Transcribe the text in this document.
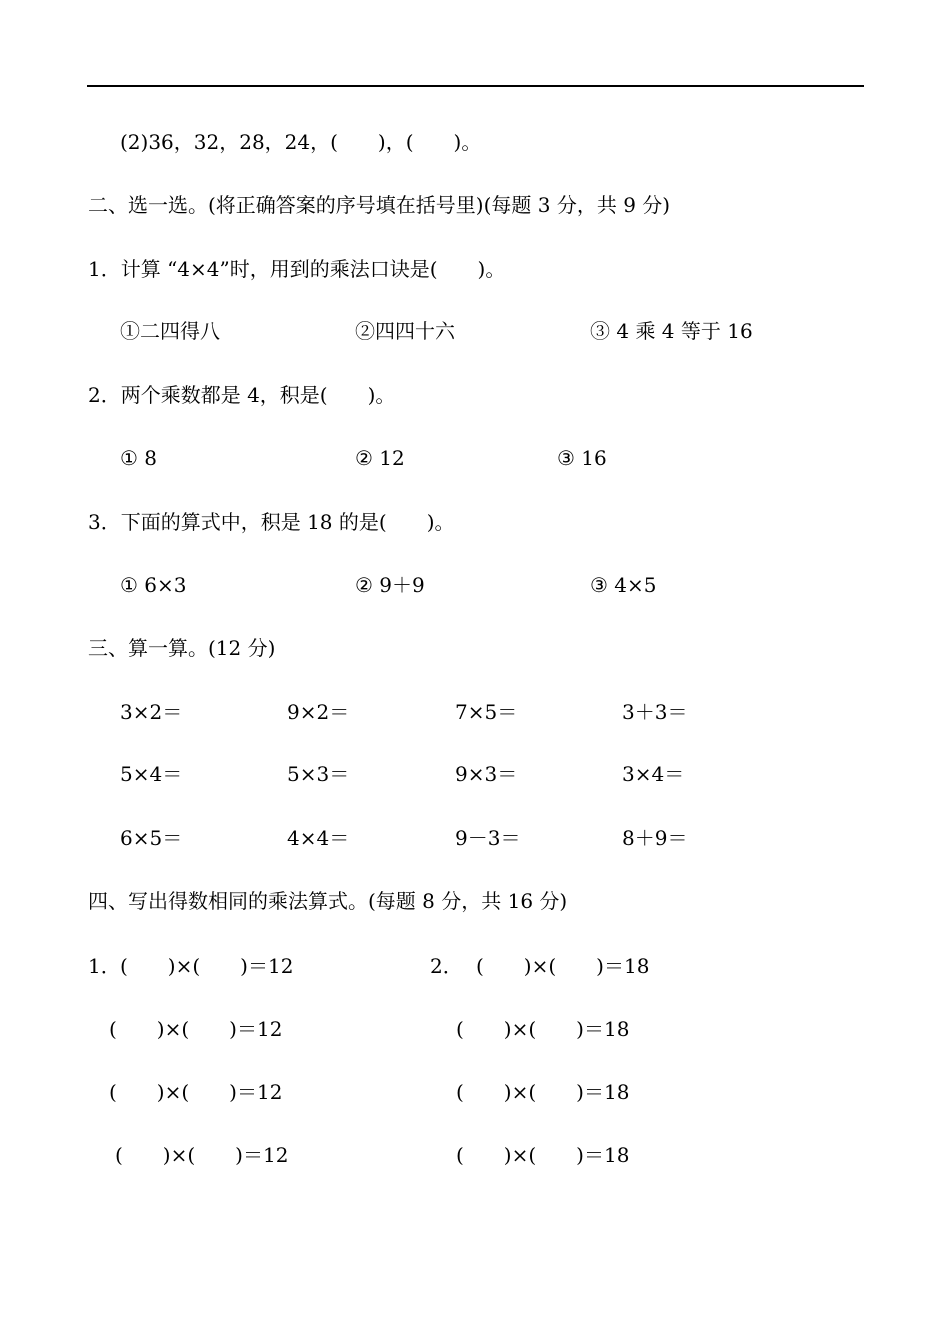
(2)36，32，28，24，(　　)，(　　)。
二、选一选。(将正确答案的序号填在括号里)(每题 3 分，共 9 分)
1．计算 “4×4”时，用到的乘法口诀是(　　)。
①二四得八	②四四十六	③ 4 乘 4 等于 16
2．两个乘数都是 4，积是(　　)。
① 8	② 12	③ 16
3．下面的算式中，积是 18 的是(　　)。
① 6×3	② 9＋9	③ 4×5
三、算一算。(12 分)
3×2＝	9×2＝	7×5＝	3＋3＝
5×4＝	5×3＝	9×3＝	3×4＝
6×5＝	4×4＝	9－3＝	8＋9＝
四、写出得数相同的乘法算式。(每题 8 分，共 16 分)
1． (　　)×(　　)＝12	2． (　　)×(　　)＝18
(　　)×(　　)＝12	(　　)×(　　)＝18
(　　)×(　　)＝12	(　　)×(　　)＝18
(　　)×(　　)＝12	(　　)×(　　)＝18
